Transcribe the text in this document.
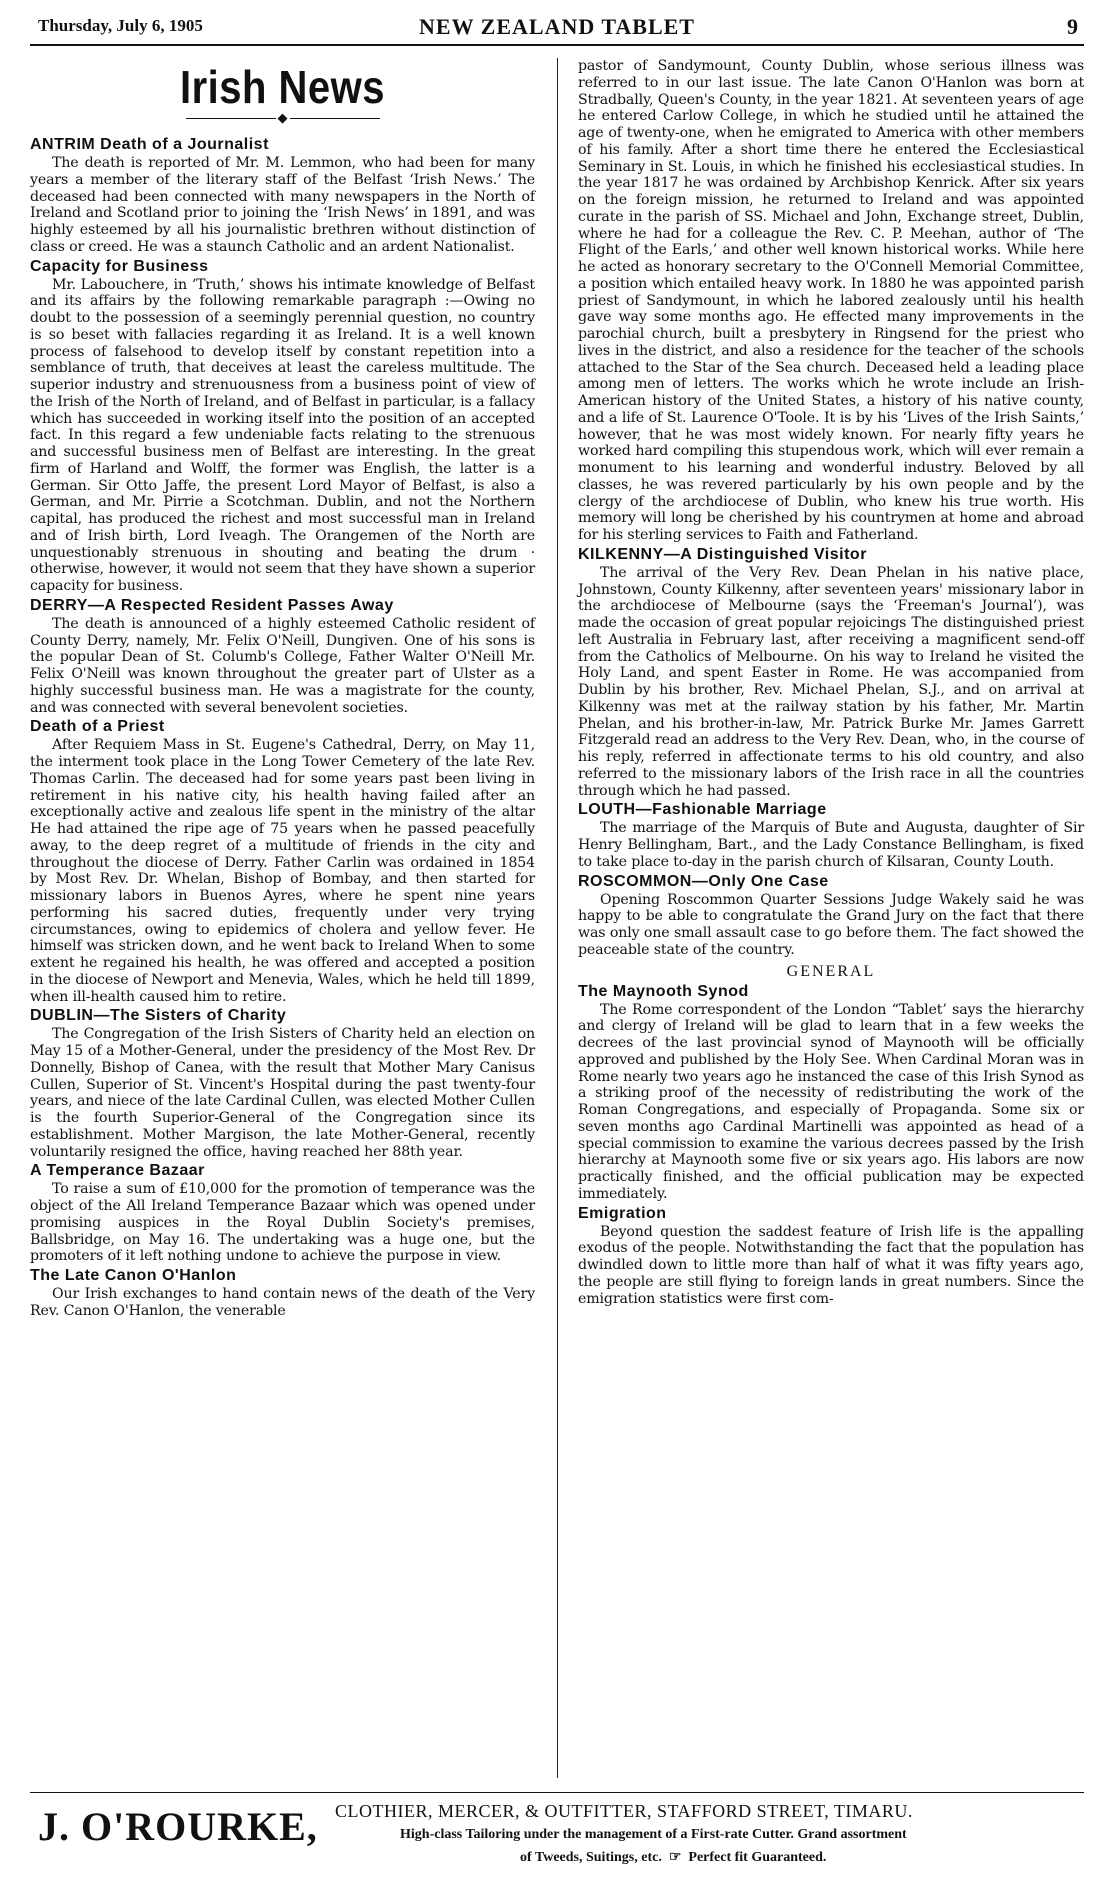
Thursday, July 6, 1905	NEW ZEALAND TABLET	9
Irish News
◆
ANTRIM Death of a Journalist

The death is reported of Mr. M. Lemmon, who had been for many years a member of the literary staff of the Belfast ‘Irish News.’ The deceased had been connected with many newspapers in the North of Ireland and Scotland prior to joining the ‘Irish News’ in 1891, and was highly esteemed by all his journalistic brethren without distinction of class or creed. He was a staunch Catholic and an ardent Nationalist.

Capacity for Business

Mr. Labouchere, in ‘Truth,’ shows his intimate knowledge of Belfast and its affairs by the following remarkable paragraph :—Owing no doubt to the possession of a seemingly perennial question, no country is so beset with fallacies regarding it as Ireland. It is a well known process of falsehood to develop itself by constant repetition into a semblance of truth, that deceives at least the careless multitude. The superior industry and strenuousness from a business point of view of the Irish of the North of Ireland, and of Belfast in particular, is a fallacy which has succeeded in working itself into the position of an accepted fact. In this regard a few undeniable facts relating to the strenuous and successful business men of Belfast are interesting. In the great firm of Harland and Wolff, the former was English, the latter is a German. Sir Otto Jaffe, the present Lord Mayor of Belfast, is also a German, and Mr. Pirrie a Scotchman. Dublin, and not the Northern capital, has produced the richest and most successful man in Ireland and of Irish birth, Lord Iveagh. The Orangemen of the North are unquestionably strenuous in shouting and beating the drum · otherwise, however, it would not seem that they have shown a superior capacity for business.

DERRY—A Respected Resident Passes Away

The death is announced of a highly esteemed Catholic resident of County Derry, namely, Mr. Felix O'Neill, Dungiven. One of his sons is the popular Dean of St. Columb's College, Father Walter O'Neill Mr. Felix O'Neill was known throughout the greater part of Ulster as a highly successful business man. He was a magistrate for the county, and was connected with several benevolent societies.

Death of a Priest

After Requiem Mass in St. Eugene's Cathedral, Derry, on May 11, the interment took place in the Long Tower Cemetery of the late Rev. Thomas Carlin. The deceased had for some years past been living in retirement in his native city, his health having failed after an exceptionally active and zealous life spent in the ministry of the altar He had attained the ripe age of 75 years when he passed peacefully away, to the deep regret of a multitude of friends in the city and throughout the diocese of Derry. Father Carlin was ordained in 1854 by Most Rev. Dr. Whelan, Bishop of Bombay, and then started for missionary labors in Buenos Ayres, where he spent nine years performing his sacred duties, frequently under very trying circumstances, owing to epidemics of cholera and yellow fever. He himself was stricken down, and he went back to Ireland When to some extent he regained his health, he was offered and accepted a position in the diocese of Newport and Menevia, Wales, which he held till 1899, when ill-health caused him to retire.

DUBLIN—The Sisters of Charity

The Congregation of the Irish Sisters of Charity held an election on May 15 of a Mother-General, under the presidency of the Most Rev. Dr Donnelly, Bishop of Canea, with the result that Mother Mary Canisus Cullen, Superior of St. Vincent's Hospital during the past twenty-four years, and niece of the late Cardinal Cullen, was elected Mother Cullen is the fourth Superior-General of the Congregation since its establishment. Mother Margison, the late Mother-General, recently voluntarily resigned the office, having reached her 88th year.

A Temperance Bazaar

To raise a sum of £10,000 for the promotion of temperance was the object of the All Ireland Temperance Bazaar which was opened under promising auspices in the Royal Dublin Society's premises, Ballsbridge, on May 16. The undertaking was a huge one, but the promoters of it left nothing undone to achieve the purpose in view.

The Late Canon O'Hanlon

Our Irish exchanges to hand contain news of the death of the Very Rev. Canon O'Hanlon, the venerable

pastor of Sandymount, County Dublin, whose serious illness was referred to in our last issue. The late Canon O'Hanlon was born at Stradbally, Queen's County, in the year 1821. At seventeen years of age he entered Carlow College, in which he studied until he attained the age of twenty-one, when he emigrated to America with other members of his family. After a short time there he entered the Ecclesiastical Seminary in St. Louis, in which he finished his ecclesiastical studies. In the year 1817 he was ordained by Archbishop Kenrick. After six years on the foreign mission, he returned to Ireland and was appointed curate in the parish of SS. Michael and John, Exchange street, Dublin, where he had for a colleague the Rev. C. P. Meehan, author of ‘The Flight of the Earls,’ and other well known historical works. While here he acted as honorary secretary to the O'Connell Memorial Committee, a position which entailed heavy work. In 1880 he was appointed parish priest of Sandymount, in which he labored zealously until his health gave way some months ago. He effected many improvements in the parochial church, built a presbytery in Ringsend for the priest who lives in the district, and also a residence for the teacher of the schools attached to the Star of the Sea church. Deceased held a leading place among men of letters. The works which he wrote include an Irish-American history of the United States, a history of his native county, and a life of St. Laurence O'Toole. It is by his ‘Lives of the Irish Saints,’ however, that he was most widely known. For nearly fifty years he worked hard compiling this stupendous work, which will ever remain a monument to his learning and wonderful industry. Beloved by all classes, he was revered particularly by his own people and by the clergy of the archdiocese of Dublin, who knew his true worth. His memory will long be cherished by his countrymen at home and abroad for his sterling services to Faith and Fatherland.

KILKENNY—A Distinguished Visitor

The arrival of the Very Rev. Dean Phelan in his native place, Johnstown, County Kilkenny, after seventeen years' missionary labor in the archdiocese of Melbourne (says the ‘Freeman's Journal’), was made the occasion of great popular rejoicings The distinguished priest left Australia in February last, after receiving a magnificent send-off from the Catholics of Melbourne. On his way to Ireland he visited the Holy Land, and spent Easter in Rome. He was accompanied from Dublin by his brother, Rev. Michael Phelan, S.J., and on arrival at Kilkenny was met at the railway station by his father, Mr. Martin Phelan, and his brother-in-law, Mr. Patrick Burke Mr. James Garrett Fitzgerald read an address to the Very Rev. Dean, who, in the course of his reply, referred in affectionate terms to his old country, and also referred to the missionary labors of the Irish race in all the countries through which he had passed.

LOUTH—Fashionable Marriage

The marriage of the Marquis of Bute and Augusta, daughter of Sir Henry Bellingham, Bart., and the Lady Constance Bellingham, is fixed to take place to-day in the parish church of Kilsaran, County Louth.

ROSCOMMON—Only One Case

Opening Roscommon Quarter Sessions Judge Wakely said he was happy to be able to congratulate the Grand Jury on the fact that there was only one small assault case to go before them. The fact showed the peaceable state of the country.

GENERAL
The Maynooth Synod

The Rome correspondent of the London “Tablet’ says the hierarchy and clergy of Ireland will be glad to learn that in a few weeks the decrees of the last provincial synod of Maynooth will be officially approved and published by the Holy See. When Cardinal Moran was in Rome nearly two years ago he instanced the case of this Irish Synod as a striking proof of the necessity of redistributing the work of the Roman Congregations, and especially of Propaganda. Some six or seven months ago Cardinal Martinelli was appointed as head of a special commission to examine the various decrees passed by the Irish hierarchy at Maynooth some five or six years ago. His labors are now practically finished, and the official publication may be expected immediately.

Emigration

Beyond question the saddest feature of Irish life is the appalling exodus of the people. Notwithstanding the fact that the population has dwindled down to little more than half of what it was fifty years ago, the people are still flying to foreign lands in great numbers. Since the emigration statistics were first com-

J. O'ROURKE, CLOTHIER, MERCER, & OUTFITTER, STAFFORD STREET, TIMARU.
High-class Tailoring under the management of a First-rate Cutter. Grand assortment
of Tweeds, Suitings, etc.  ☞  Perfect fit Guaranteed.
